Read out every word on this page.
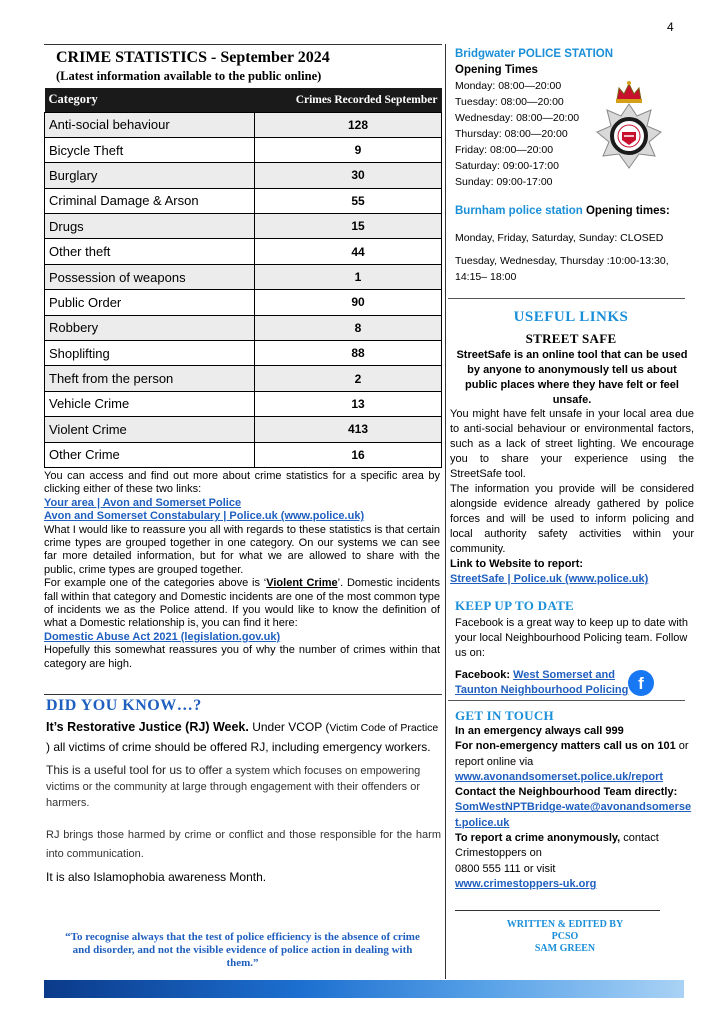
4
CRIME STATISTICS - September 2024
(Latest information available to the public online)
Category	Crimes Recorded September
Anti-social behaviour	128
Bicycle Theft	9
Burglary	30
Criminal Damage & Arson	55
Drugs	15
Other theft	44
Possession of weapons	1
Public Order	90
Robbery	8
Shoplifting	88
Theft from the person	2
Vehicle Crime	13
Violent Crime	413
Other Crime	16
You can access and find out more about crime statistics for a specific area by clicking either of these two links:
Your area | Avon and Somerset Police
Avon and Somerset Constabulary | Police.uk (www.police.uk)
What I would like to reassure you all with regards to these statistics is that certain crime types are grouped together in one category. On our systems we can see far more detailed information, but for what we are allowed to share with the public, crime types are grouped together.
For example one of the categories above is ‘Violent Crime’. Domestic incidents fall within that category and Domestic incidents are one of the most common type of incidents we as the Police attend. If you would like to know the definition of what a Domestic relationship is, you can find it here:
Domestic Abuse Act 2021 (legislation.gov.uk)
Hopefully this somewhat reassures you of why the number of crimes within that category are high.
DID YOU KNOW…?
It’s Restorative Justice (RJ) Week. Under VCOP (Victim Code of Practice ) all victims of crime should be offered RJ, including emergency workers.
This is a useful tool for us to offer a system which focuses on empowering victims or the community at large through engagement with their offenders or harmers.
RJ brings those harmed by crime or conflict and those responsible for the harm into communication.
It is also Islamophobia awareness Month.
“To recognise always that the test of police efficiency is the absence of crime and disorder, and not the visible evidence of police action in dealing with them.”
Bridgwater POLICE STATION
Opening Times
Monday: 08:00—20:00
Tuesday: 08:00—20:00
Wednesday: 08:00—20:00
Thursday: 08:00—20:00
Friday: 08:00—20:00
Saturday: 09:00-17:00
Sunday: 09:00-17:00
Burnham police station Opening times:
Monday, Friday, Saturday, Sunday: CLOSED
Tuesday, Wednesday, Thursday :10:00-13:30, 14:15– 18:00
USEFUL LINKS
STREET SAFE
StreetSafe is an online tool that can be used by anyone to anonymously tell us about public places where they have felt or feel unsafe.

You might have felt unsafe in your local area due to anti-social behaviour or environmental factors, such as a lack of street lighting. We encourage you to share your experience using the StreetSafe tool.

The information you provide will be considered alongside evidence already gathered by police forces and will be used to inform policing and local authority safety activities within your community.

Link to Website to report:
StreetSafe | Police.uk (www.police.uk)
KEEP UP TO DATE
Facebook is a great way to keep up to date with your local Neighbourhood Policing team. Follow us on:
Facebook: West Somerset and Taunton Neighbourhood Policing f
GET IN TOUCH
In an emergency always call 999
For non-emergency matters call us on 101 or report online via
www.avonandsomerset.police.uk/report
Contact the Neighbourhood Team directly:
SomWestNPTBridge-wate@avonandsomerset.police.uk
To report a crime anonymously, contact Crimestoppers on
0800 555 111 or visit
www.crimestoppers-uk.org
WRITTEN & EDITED BY
PCSO
SAM GREEN
